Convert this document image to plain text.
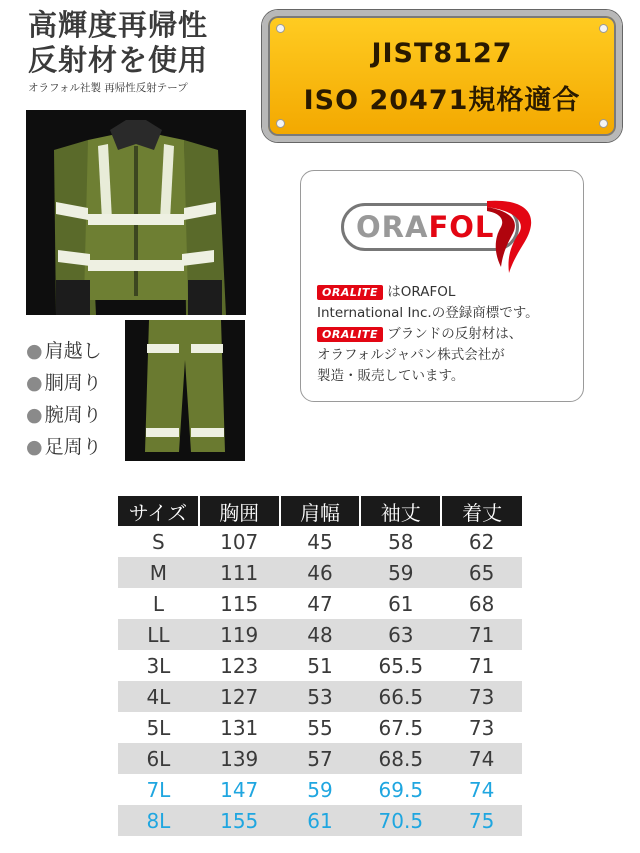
高輝度再帰性
反射材を使用
オラフォル社製 再帰性反射テープ
JIST8127
ISO 20471規格適合
● 肩越し
● 胴周り
● 腕周り
● 足周り
ORA FOL

ORALITE はORAFOL

International Inc.の登録商標です。

ORALITE ブランドの反射材は、

オラフォルジャパン株式会社が

製造・販売しています。

サイズ	胸囲	肩幅	袖丈	着丈
S	107	45	58	62
M	111	46	59	65
L	115	47	61	68
LL	119	48	63	71
3L	123	51	65.5	71
4L	127	53	66.5	73
5L	131	55	67.5	73
6L	139	57	68.5	74
7L	147	59	69.5	74
8L	155	61	70.5	75
